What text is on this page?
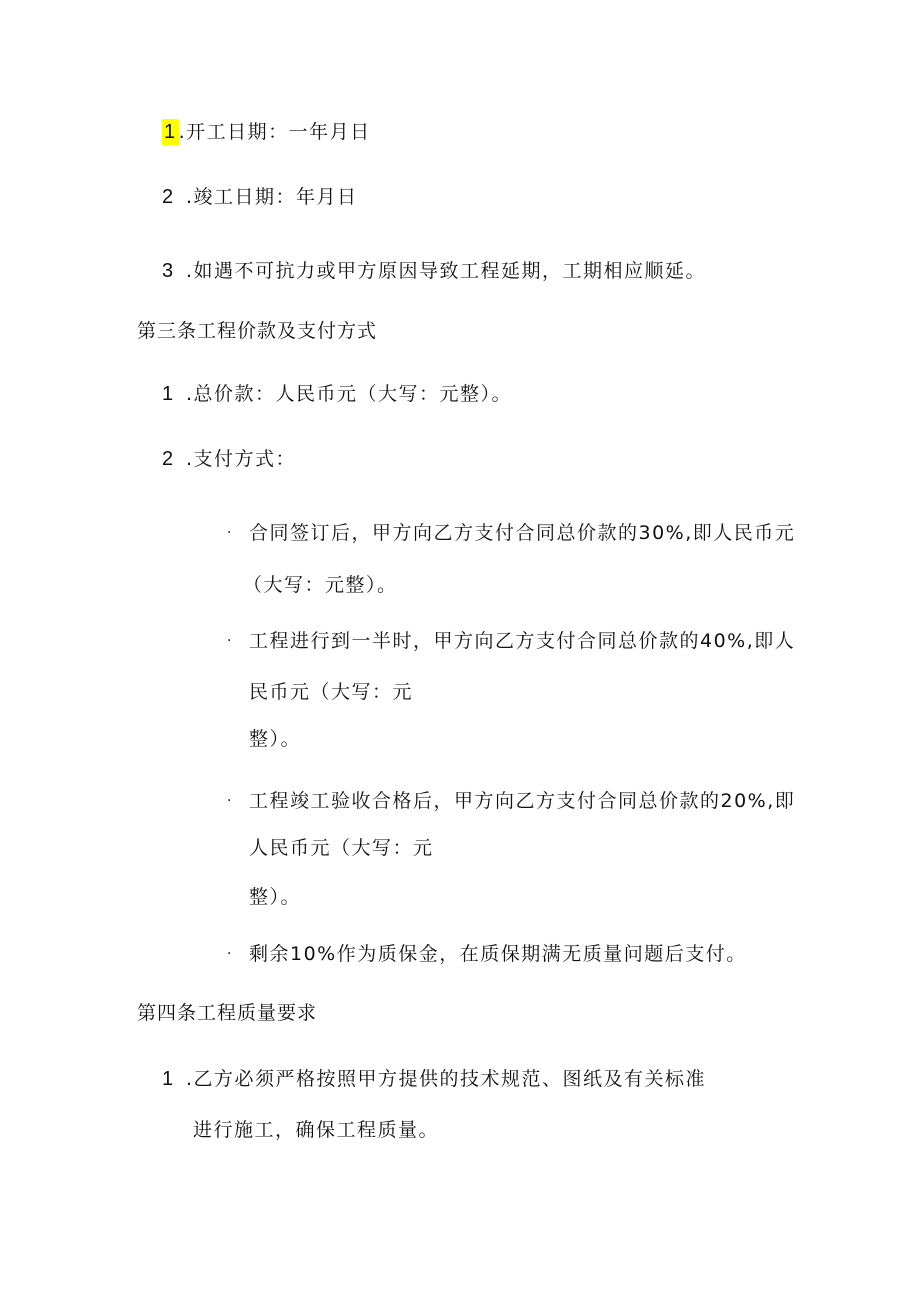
1 .开工日期：一年月日
2 .竣工日期：年月日
3 .如遇不可抗力或甲方原因导致工程延期，工期相应顺延。
第三条工程价款及支付方式
1 .总价款：人民币元（大写：元整）。
2 .支付方式：
· 合同签订后，甲方向乙方支付合同总价款的30%,即人民币元
（大写：元整）。
· 工程进行到一半时，甲方向乙方支付合同总价款的40%,即人
民币元（大写：元
整）。
· 工程竣工验收合格后，甲方向乙方支付合同总价款的20%,即
人民币元（大写：元
整）。
· 剩余10%作为质保金，在质保期满无质量问题后支付。
第四条工程质量要求
1 .乙方必须严格按照甲方提供的技术规范、图纸及有关标准
进行施工，确保工程质量。
